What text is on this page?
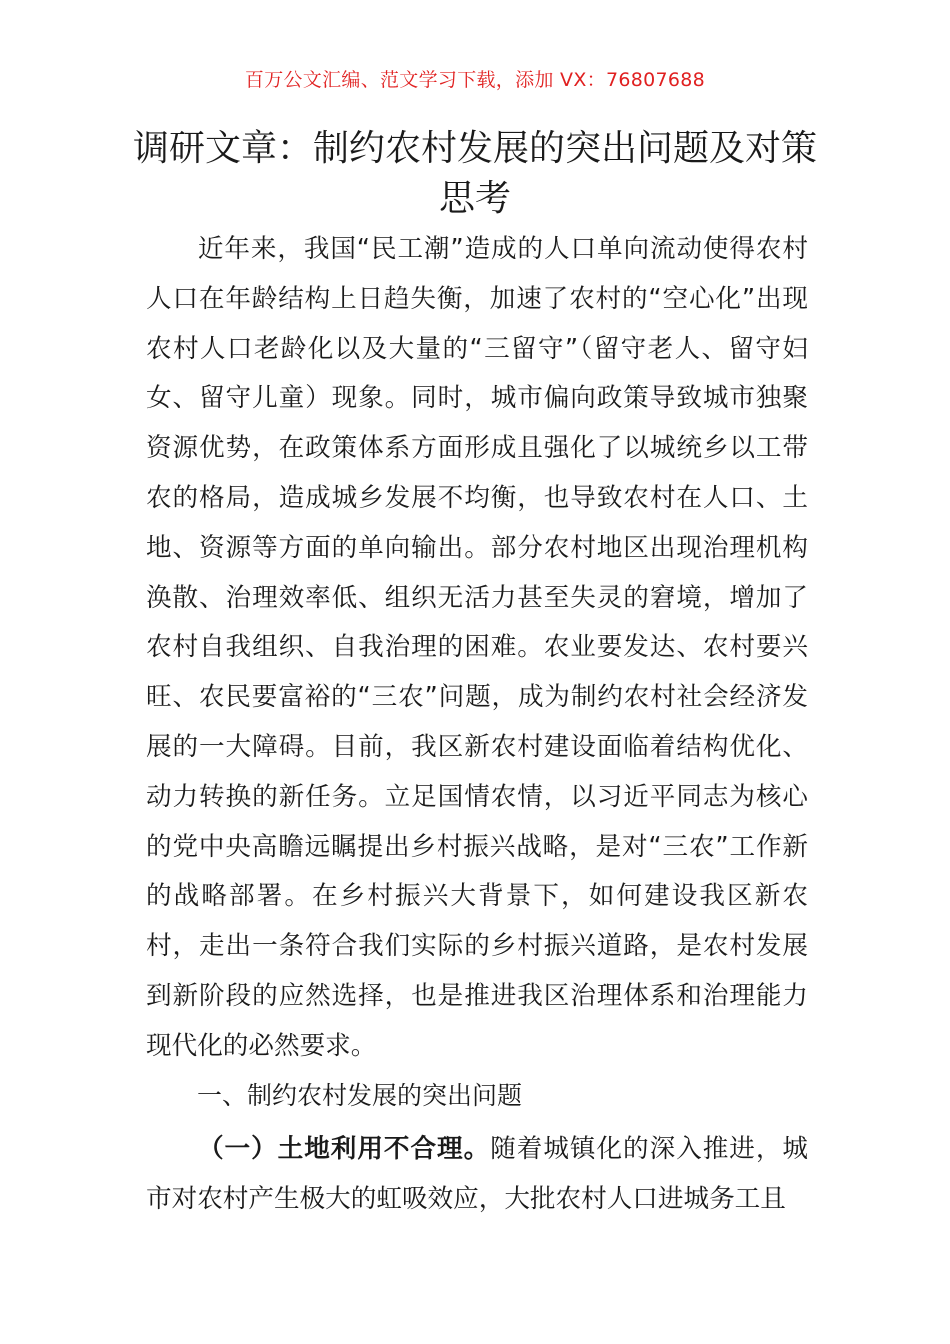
百万公文汇编、范文学习下载，添加 VX：76807688
调研文章：制约农村发展的突出问题及对策思考

近年来，我国“民工潮”造成的人口单向流动使得农村人口在年龄结构上日趋失衡，加速了农村的“空心化”出现农村人口老龄化以及大量的“三留守”（留守老人、留守妇女、留守儿童）现象。同时，城市偏向政策导致城市独聚资源优势，在政策体系方面形成且强化了以城统乡以工带农的格局，造成城乡发展不均衡，也导致农村在人口、土地、资源等方面的单向输出。部分农村地区出现治理机构涣散、治理效率低、组织无活力甚至失灵的窘境，增加了农村自我组织、自我治理的困难。农业要发达、农村要兴旺、农民要富裕的“三农”问题，成为制约农村社会经济发展的一大障碍。目前，我区新农村建设面临着结构优化、动力转换的新任务。立足国情农情，以习近平同志为核心的党中央高瞻远瞩提出乡村振兴战略，是对“三农”工作新的战略部署。在乡村振兴大背景下，如何建设我区新农村，走出一条符合我们实际的乡村振兴道路，是农村发展到新阶段的应然选择，也是推进我区治理体系和治理能力现代化的必然要求。

一、制约农村发展的突出问题

（一）土地利用不合理。随着城镇化的深入推进，城市对农村产生极大的虹吸效应，大批农村人口进城务工且
